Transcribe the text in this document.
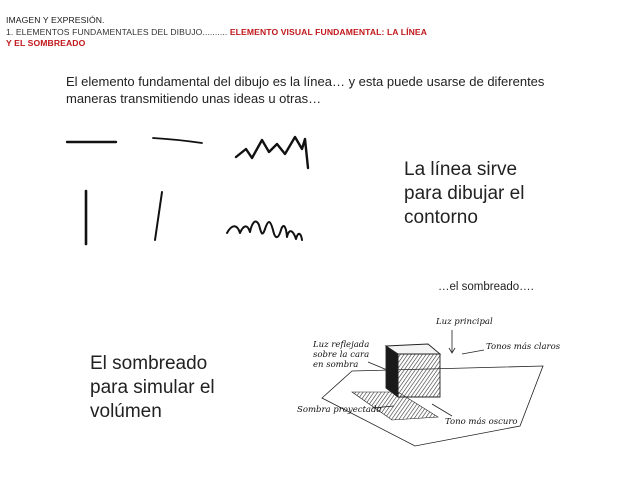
IMAGEN Y EXPRESIÓN.
1. ELEMENTOS FUNDAMENTALES DEL DIBUJO.......... ELEMENTO VISUAL FUNDAMENTAL: LA LÍNEA
Y EL SOMBREADO
El elemento fundamental del dibujo es la línea… y esta puede usarse de diferentes
maneras transmitiendo unas ideas u otras…
La línea sirve
para dibujar el
contorno
…el sombreado….
El sombreado
para simular el
volúmen
Luz principal
Luz reflejada
sobre la cara
en sombra
Tonos más claros
Sombra proyectada
Tono más oscuro
